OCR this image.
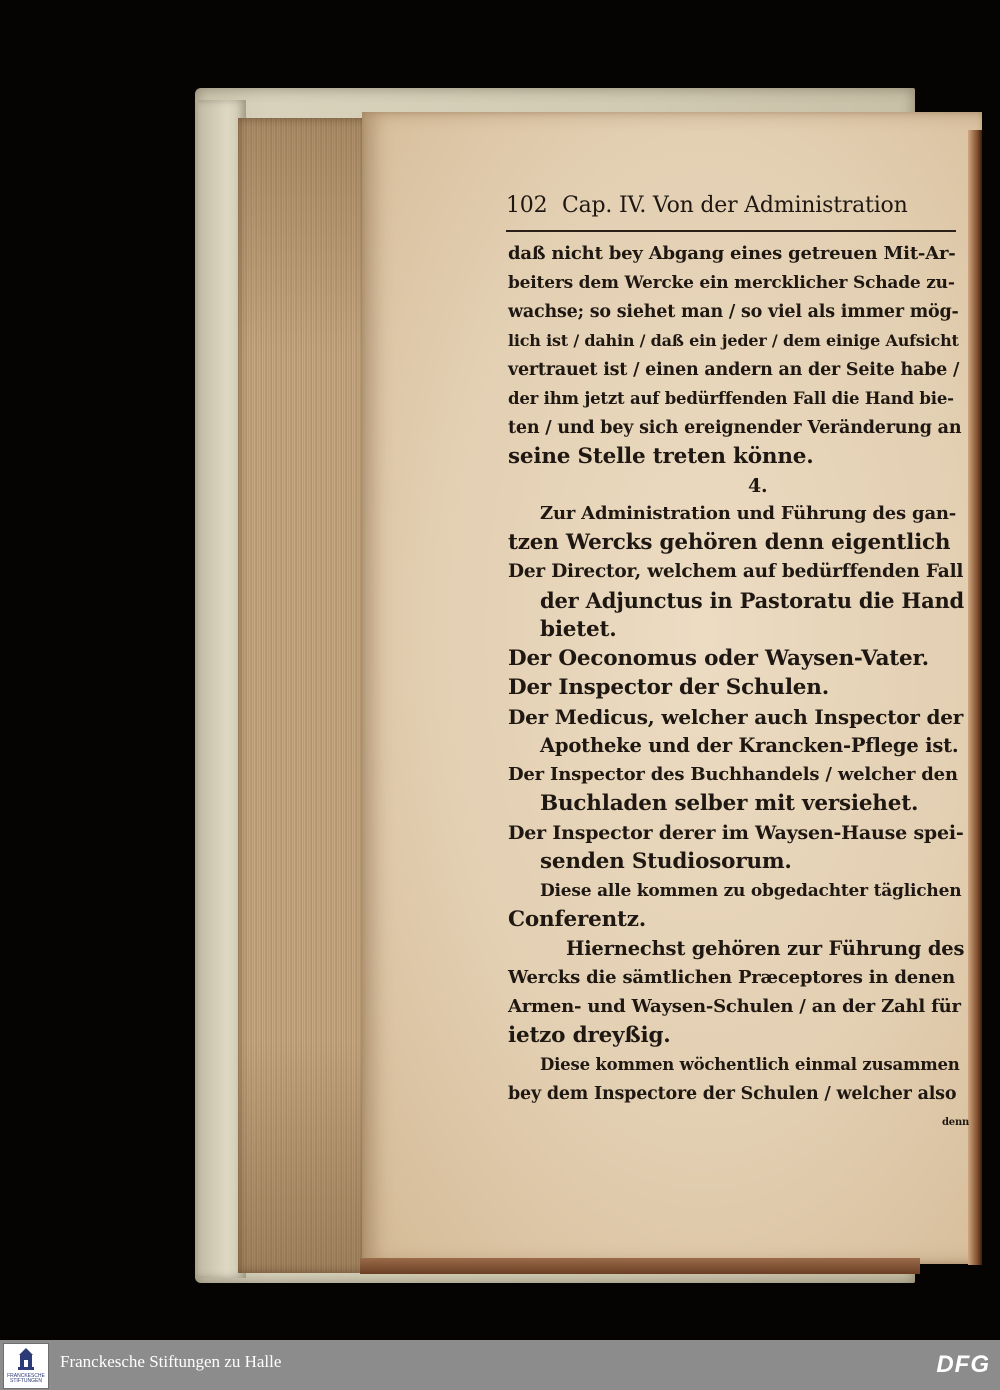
102 Cap. IV. Von der Administration
daß nicht bey Abgang eines getreuen Mit-Ar-
beiters dem Wercke ein mercklicher Schade zu-
wachse; so siehet man / so viel als immer mög-
lich ist / dahin / daß ein jeder / dem einige Aufsicht
vertrauet ist / einen andern an der Seite habe /
der ihm jetzt auf bedürffenden Fall die Hand bie-
ten / und bey sich ereignender Veränderung an
seine Stelle treten könne.
4.
Zur Administration und Führung des gan-
tzen Wercks gehören denn eigentlich
Der Director, welchem auf bedürffenden Fall
der Adjunctus in Pastoratu die Hand
bietet.
Der Oeconomus oder Waysen-Vater.
Der Inspector der Schulen.
Der Medicus, welcher auch Inspector der
Apotheke und der Krancken-Pflege ist.
Der Inspector des Buchhandels / welcher den
Buchladen selber mit versiehet.
Der Inspector derer im Waysen-Hause spei-
senden Studiosorum.
Diese alle kommen zu obgedachter täglichen
Conferentz.
Hiernechst gehören zur Führung des
Wercks die sämtlichen Præceptores in denen
Armen- und Waysen-Schulen / an der Zahl für
ietzo dreyßig.
Diese kommen wöchentlich einmal zusammen
bey dem Inspectore der Schulen / welcher also
denn
FRANCKESCHE
STIFTUNGEN
Franckesche Stiftungen zu Halle	DFG
